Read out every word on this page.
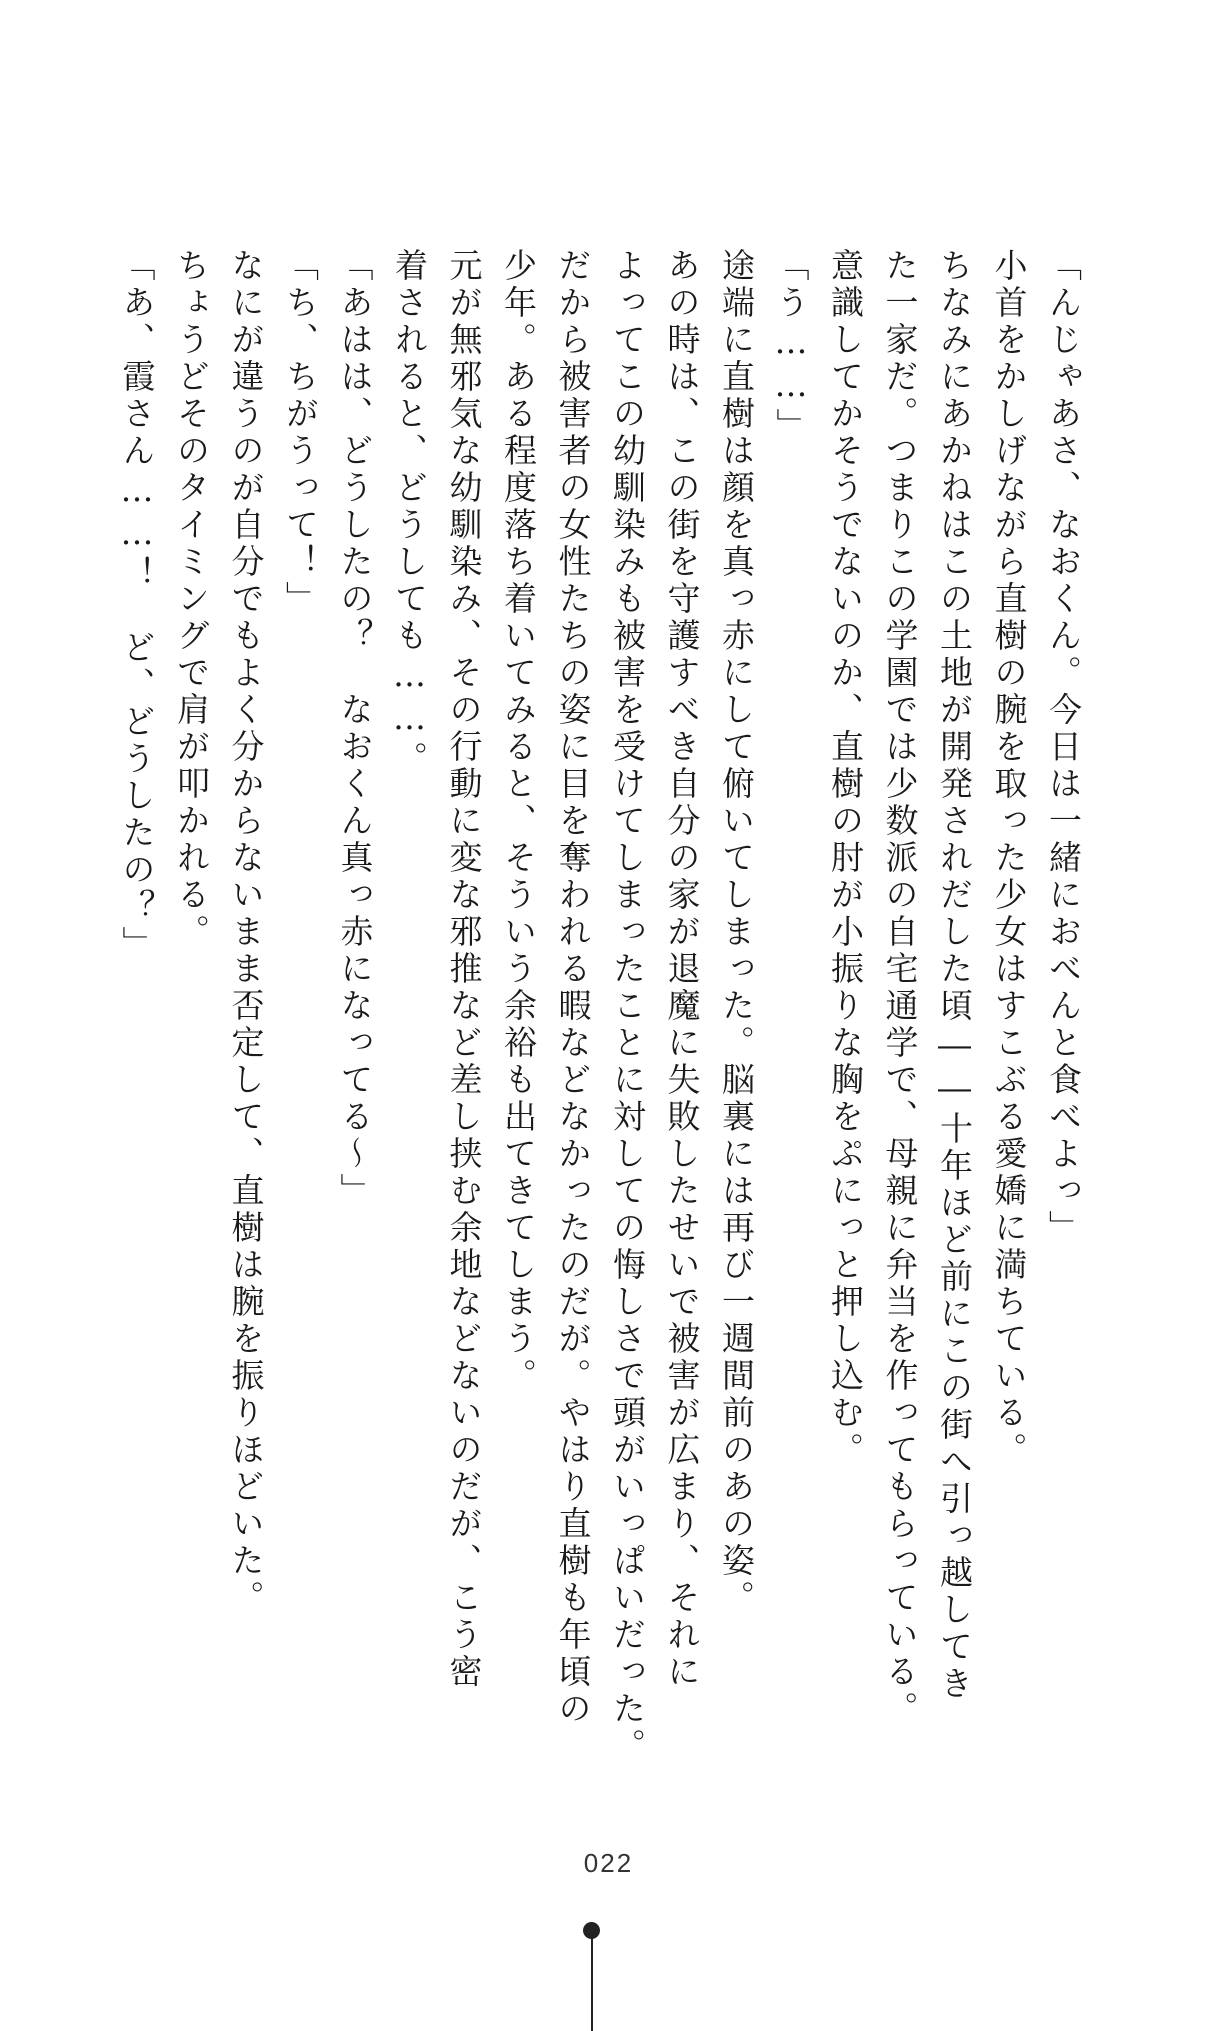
「んじゃあさ、なおくん。今日は一緒におべんと食べよっ」
小首をかしげながら直樹の腕を取った少女はすこぶる愛嬌に満ちている。
ちなみにあかねはこの土地が開発されだした頃――十年ほど前にこの街へ引っ越してき
た一家だ。つまりこの学園では少数派の自宅通学で、母親に弁当を作ってもらっている。
意識してかそうでないのか、直樹の肘が小振りな胸をぷにっと押し込む。
「う……」
途端に直樹は顔を真っ赤にして俯いてしまった。脳裏には再び一週間前のあの姿。
あの時は、この街を守護すべき自分の家が退魔に失敗したせいで被害が広まり、それに
よってこの幼馴染みも被害を受けてしまったことに対しての悔しさで頭がいっぱいだった。
だから被害者の女性たちの姿に目を奪われる暇などなかったのだが。やはり直樹も年頃の
少年。ある程度落ち着いてみると、そういう余裕も出てきてしまう。
元が無邪気な幼馴染み、その行動に変な邪推など差し挟む余地などないのだが、こう密
着されると、どうしても……。
「あはは、どうしたの？　なおくん真っ赤になってる～」
「ち、ちがうって！」
なにが違うのが自分でもよく分からないまま否定して、直樹は腕を振りほどいた。
ちょうどそのタイミングで肩が叩かれる。
「あ、霞さん……！　ど、どうしたの？」
022
